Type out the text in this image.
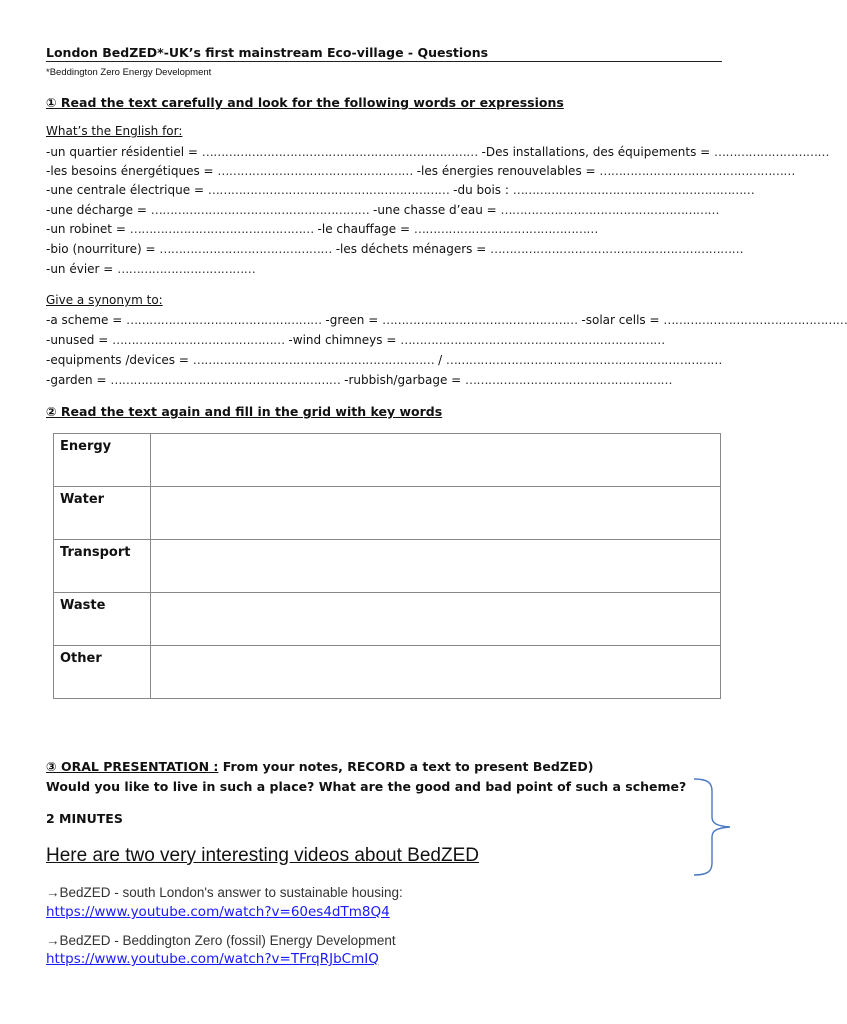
London BedZED*-UK’s first mainstream Eco-village - Questions
*Beddington Zero Energy Development
① Read the text carefully and look for the following words or expressions
What’s the English for:
-un quartier résidentiel = ……………………………………………………………… -Des installations, des équipements = …………………………
-les besoins énergétiques = …………………………………………… -les énergies renouvelables = ……………………………………………
-une centrale électrique = ……………………………………………………… -du bois : ………………………………………………………
-une décharge = ………………………………………………… -une chasse d’eau = …………………………………………………
-un robinet = ………………………………………… -le chauffage = …………………………………………
-bio (nourriture) = ……………………………………… -les déchets ménagers = …………………………………………………………
-un évier = ………………………………
Give a synonym to:
-a scheme = …………………………………………… -green = …………………………………………… -solar cells = …………………………………………
-unused = ……………………………………… -wind chimneys = ……………………………………………………………
-equipments /devices = ……………………………………………………… / ………………………………………………………………
-garden = …………………………………………………… -rubbish/garbage = ………………………………………………
② Read the text again and fill in the grid with key words
Energy	
Water	
Transport	
Waste	
Other	
③ ORAL PRESENTATION : From your notes, RECORD a text to present BedZED)
Would you like to live in such a place? What are the good and bad point of such a scheme?
2 MINUTES
Here are two very interesting videos about BedZED
→BedZED - south London's answer to sustainable housing:
https://www.youtube.com/watch?v=60es4dTm8Q4
→BedZED - Beddington Zero (fossil) Energy Development
https://www.youtube.com/watch?v=TFrqRJbCmIQ
